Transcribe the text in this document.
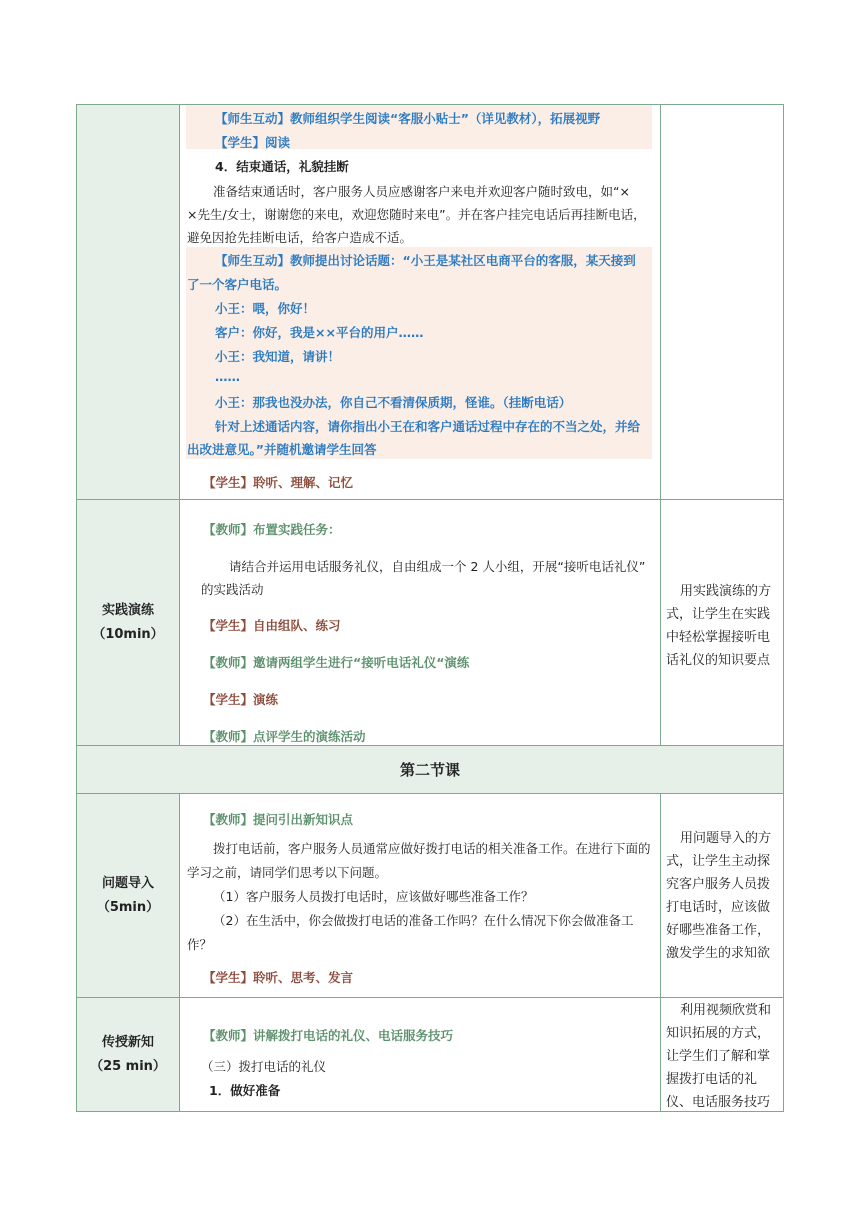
【师生互动】教师组织学生阅读“客服小贴士”（详见教材），拓展视野
【学生】阅读
4．结束通话，礼貌挂断
准备结束通话时，客户服务人员应感谢客户来电并欢迎客户随时致电，如“×
×先生/女士，谢谢您的来电，欢迎您随时来电”。并在客户挂完电话后再挂断电话，
避免因抢先挂断电话，给客户造成不适。
【师生互动】教师提出讨论话题：“小王是某社区电商平台的客服，某天接到
了一个客户电话。
小王：喂，你好！
客户：你好，我是××平台的用户……
小王：我知道，请讲！
……
小王：那我也没办法，你自己不看清保质期，怪谁。（挂断电话）
针对上述通话内容，请你指出小王在和客户通话过程中存在的不当之处，并给
出改进意见。”并随机邀请学生回答
【学生】聆听、理解、记忆
实践演练
（10min）
【教师】布置实践任务：
请结合并运用电话服务礼仪，自由组成一个 2 人小组，开展“接听电话礼仪”
的实践活动
【学生】自由组队、练习
【教师】邀请两组学生进行“接听电话礼仪“演练
【学生】演练
【教师】点评学生的演练活动

用实践演练的方

式，让学生在实践

中轻松掌握接听电

话礼仪的知识要点

第二节课
问题导入
（5min）
【教师】提问引出新知识点
拨打电话前，客户服务人员通常应做好拨打电话的相关准备工作。在进行下面的
学习之前，请同学们思考以下问题。
（1）客户服务人员拨打电话时，应该做好哪些准备工作？
（2）在生活中，你会做拨打电话的准备工作吗？在什么情况下你会做准备工
作？
【学生】聆听、思考、发言

用问题导入的方

式，让学生主动探

究客户服务人员拨

打电话时，应该做

好哪些准备工作，

激发学生的求知欲

传授新知
（25 min）
【教师】讲解拨打电话的礼仪、电话服务技巧
（三）拨打电话的礼仪
1．做好准备

利用视频欣赏和

知识拓展的方式，

让学生们了解和掌

握拨打电话的礼

仪、电话服务技巧
